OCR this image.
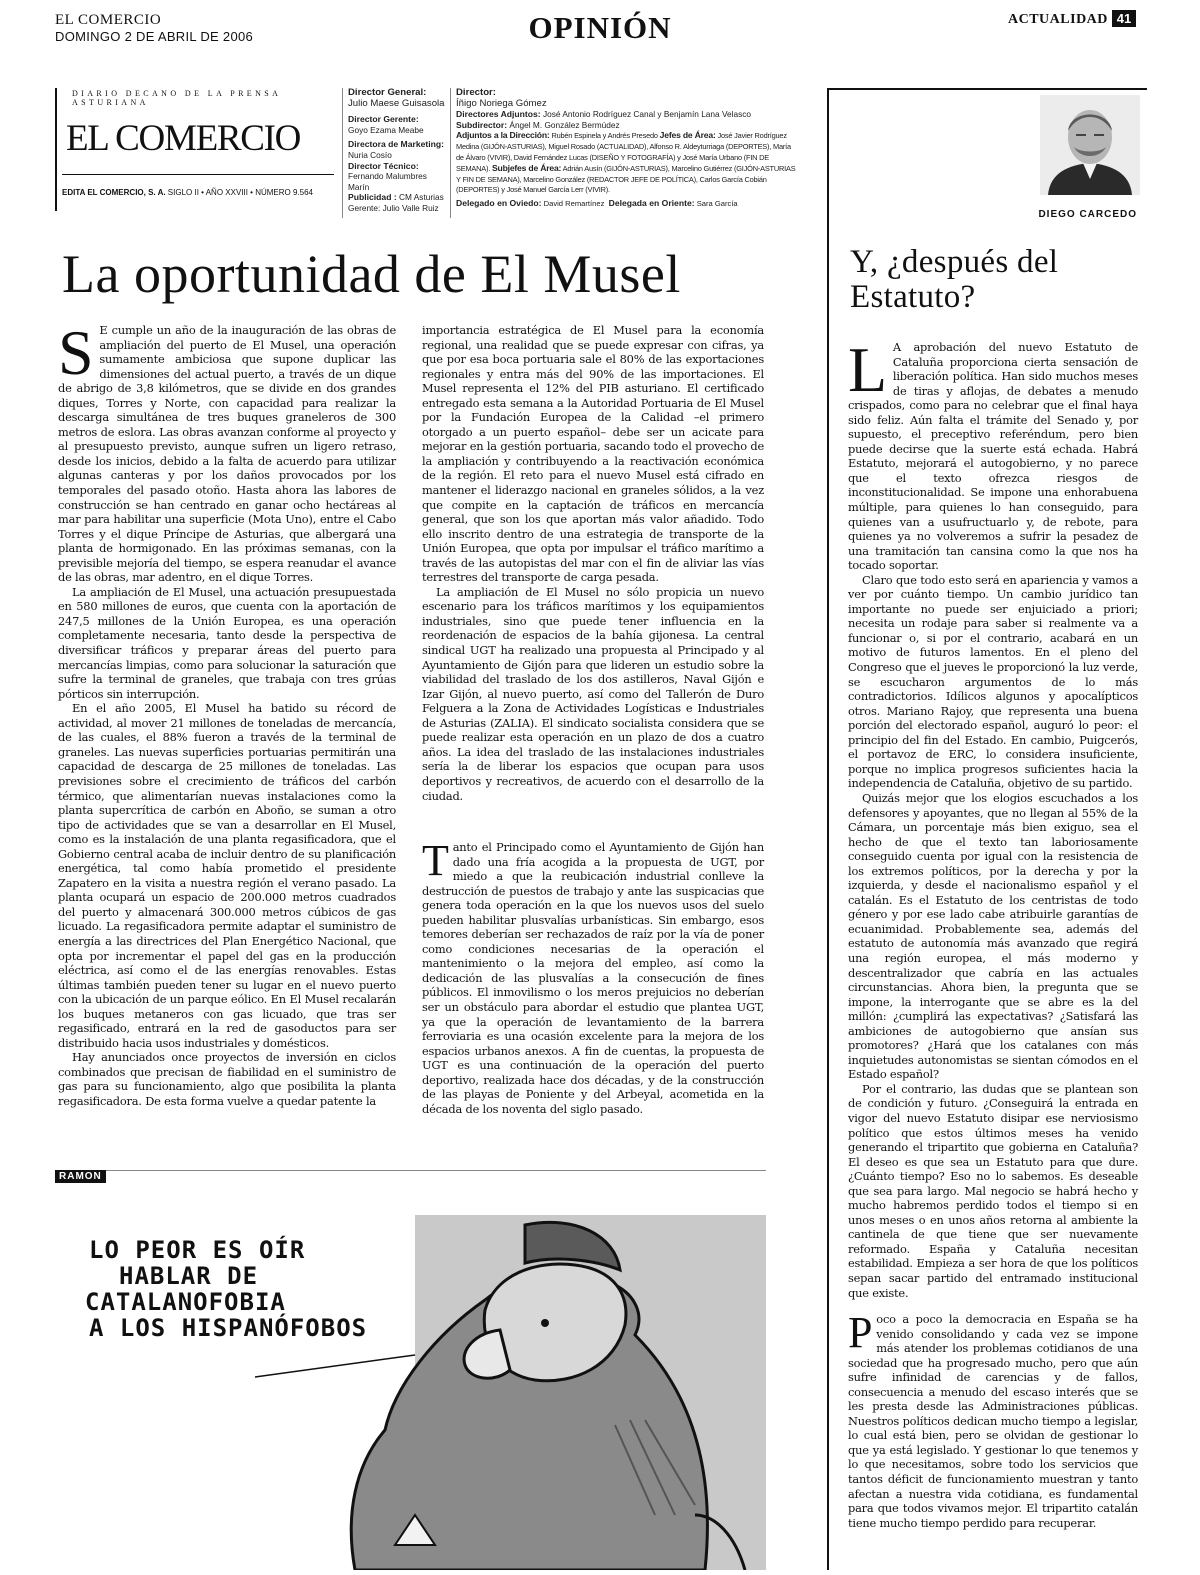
EL COMERCIO
DOMINGO 2 DE ABRIL DE 2006	OPINIÓN	ACTUALIDAD 41
DIARIO DECANO DE LA PRENSA ASTURIANA
EL COMERCIO
EDITA EL COMERCIO, S. A. SIGLO II • AÑO XXVIII • NÚMERO 9.564
Director General:
Julio Maese Guisasola
Director Gerente:
Goyo Ezama Meabe
Directora de Marketing:
Nuria Cosío
Director Técnico:
Fernando Malumbres Marín
Publicidad : CM Asturias
Gerente: Julio Valle Ruiz
Director:
Íñigo Noriega Gómez
Directores Adjuntos: José Antonio Rodríguez Canal y Benjamín Lana Velasco
Subdirector: Ángel M. González Bermúdez
Adjuntos a la Dirección: Rubén Espinela y Andrés Presedo Jefes de Área: José Javier Rodríguez Medina (GIJÓN-ASTURIAS), Miguel Rosado (ACTUALIDAD), Alfonso R. Aldeyturriaga (DEPORTES), María de Álvaro (VIVIR), David Fernández Lucas (DISEÑO Y FOTOGRAFÍA) y José María Urbano (FIN DE SEMANA). Subjefes de Área: Adrián Ausín (GIJÓN-ASTURIAS), Marcelino Gutiérrez (GIJÓN-ASTURIAS Y FIN DE SEMANA), Marcelino González (REDACTOR JEFE DE POLÍTICA), Carlos García Cobián (DEPORTES) y José Manuel García Lerr (VIVIR).
Delegado en Oviedo: David Remartínez Delegada en Oriente: Sara García
DIEGO CARCEDO
La oportunidad de El Musel

S E cumple un año de la inauguración de las obras de ampliación del puerto de El Musel, una operación sumamente ambiciosa que supone duplicar las dimensiones del actual puerto, a través de un dique de abrigo de 3,8 kilómetros, que se divide en dos grandes diques, Torres y Norte, con capacidad para realizar la descarga simultánea de tres buques graneleros de 300 metros de eslora. Las obras avanzan conforme al proyecto y al presupuesto previsto, aunque sufren un ligero retraso, desde los inicios, debido a la falta de acuerdo para utilizar algunas canteras y por los daños provocados por los temporales del pasado otoño. Hasta ahora las labores de construcción se han centrado en ganar ocho hectáreas al mar para habilitar una superficie (Mota Uno), entre el Cabo Torres y el dique Príncipe de Asturias, que albergará una planta de hormigonado. En las próximas semanas, con la previsible mejoría del tiempo, se espera reanudar el avance de las obras, mar adentro, en el dique Torres.

La ampliación de El Musel, una actuación presupuestada en 580 millones de euros, que cuenta con la aportación de 247,5 millones de la Unión Europea, es una operación completamente necesaria, tanto desde la perspectiva de diversificar tráficos y preparar áreas del puerto para mercancías limpias, como para solucionar la saturación que sufre la terminal de graneles, que trabaja con tres grúas pórticos sin interrupción.

En el año 2005, El Musel ha batido su récord de actividad, al mover 21 millones de toneladas de mercancía, de las cuales, el 88% fueron a través de la terminal de graneles. Las nuevas superficies portuarias permitirán una capacidad de descarga de 25 millones de toneladas. Las previsiones sobre el crecimiento de tráficos del carbón térmico, que alimentarían nuevas instalaciones como la planta supercrítica de carbón en Aboño, se suman a otro tipo de actividades que se van a desarrollar en El Musel, como es la instalación de una planta regasificadora, que el Gobierno central acaba de incluir dentro de su planificación energética, tal como había prometido el presidente Zapatero en la visita a nuestra región el verano pasado. La planta ocupará un espacio de 200.000 metros cuadrados del puerto y almacenará 300.000 metros cúbicos de gas licuado. La regasificadora permite adaptar el suministro de energía a las directrices del Plan Energético Nacional, que opta por incrementar el papel del gas en la producción eléctrica, así como el de las energías renovables. Estas últimas también pueden tener su lugar en el nuevo puerto con la ubicación de un parque eólico. En El Musel recalarán los buques metaneros con gas licuado, que tras ser regasificado, entrará en la red de gasoductos para ser distribuido hacia usos industriales y domésticos.

Hay anunciados once proyectos de inversión en ciclos combinados que precisan de fiabilidad en el suministro de gas para su funcionamiento, algo que posibilita la planta regasificadora. De esta forma vuelve a quedar patente la

importancia estratégica de El Musel para la economía regional, una realidad que se puede expresar con cifras, ya que por esa boca portuaria sale el 80% de las exportaciones regionales y entra más del 90% de las importaciones. El Musel representa el 12% del PIB asturiano. El certificado entregado esta semana a la Autoridad Portuaria de El Musel por la Fundación Europea de la Calidad –el primero otorgado a un puerto español– debe ser un acicate para mejorar en la gestión portuaria, sacando todo el provecho de la ampliación y contribuyendo a la reactivación económica de la región. El reto para el nuevo Musel está cifrado en mantener el liderazgo nacional en graneles sólidos, a la vez que compite en la captación de tráficos en mercancía general, que son los que aportan más valor añadido. Todo ello inscrito dentro de una estrategia de transporte de la Unión Europea, que opta por impulsar el tráfico marítimo a través de las autopistas del mar con el fin de aliviar las vías terrestres del transporte de carga pesada.

La ampliación de El Musel no sólo propicia un nuevo escenario para los tráficos marítimos y los equipamientos industriales, sino que puede tener influencia en la reordenación de espacios de la bahía gijonesa. La central sindical UGT ha realizado una propuesta al Principado y al Ayuntamiento de Gijón para que lideren un estudio sobre la viabilidad del traslado de los dos astilleros, Naval Gijón e Izar Gijón, al nuevo puerto, así como del Tallerón de Duro Felguera a la Zona de Actividades Logísticas e Industriales de Asturias (ZALIA). El sindicato socialista considera que se puede realizar esta operación en un plazo de dos a cuatro años. La idea del traslado de las instalaciones industriales sería la de liberar los espacios que ocupan para usos deportivos y recreativos, de acuerdo con el desarrollo de la ciudad.

Tanto el Principado como el Ayuntamiento de Gijón han dado una fría acogida a la propuesta de UGT, por miedo a que la reubicación industrial conlleve la destrucción de puestos de trabajo y ante las suspicacias que genera toda operación en la que los nuevos usos del suelo pueden habilitar plusvalías urbanísticas. Sin embargo, esos temores deberían ser rechazados de raíz por la vía de poner como condiciones necesarias de la operación el mantenimiento o la mejora del empleo, así como la dedicación de las plusvalías a la consecución de fines públicos. El inmovilismo o los meros prejuicios no deberían ser un obstáculo para abordar el estudio que plantea UGT, ya que la operación de levantamiento de la barrera ferroviaria es una ocasión excelente para la mejora de los espacios urbanos anexos. A fin de cuentas, la propuesta de UGT es una continuación de la operación del puerto deportivo, realizada hace dos décadas, y de la construcción de las playas de Poniente y del Arbeyal, acometida en la década de los noventa del siglo pasado.

RAMON
LO PEOR ES OÍR
HABLAR DE
CATALANOFOBIA
A LOS HISPANÓFOBOS
Y, ¿después del Estatuto?

L A aprobación del nuevo Estatuto de Cataluña proporciona cierta sensación de liberación política. Han sido muchos meses de tiras y aflojas, de debates a menudo crispados, como para no celebrar que el final haya sido feliz. Aún falta el trámite del Senado y, por supuesto, el preceptivo referéndum, pero bien puede decirse que la suerte está echada. Habrá Estatuto, mejorará el autogobierno, y no parece que el texto ofrezca riesgos de inconstitucionalidad. Se impone una enhorabuena múltiple, para quienes lo han conseguido, para quienes van a usufructuarlo y, de rebote, para quienes ya no volveremos a sufrir la pesadez de una tramitación tan cansina como la que nos ha tocado soportar.

Claro que todo esto será en apariencia y vamos a ver por cuánto tiempo. Un cambio jurídico tan importante no puede ser enjuiciado a priori; necesita un rodaje para saber si realmente va a funcionar o, si por el contrario, acabará en un motivo de futuros lamentos. En el pleno del Congreso que el jueves le proporcionó la luz verde, se escucharon argumentos de lo más contradictorios. Idílicos algunos y apocalípticos otros. Mariano Rajoy, que representa una buena porción del electorado español, auguró lo peor: el principio del fin del Estado. En cambio, Puigcerós, el portavoz de ERC, lo considera insuficiente, porque no implica progresos suficientes hacia la independencia de Cataluña, objetivo de su partido.

Quizás mejor que los elogios escuchados a los defensores y apoyantes, que no llegan al 55% de la Cámara, un porcentaje más bien exiguo, sea el hecho de que el texto tan laboriosamente conseguido cuenta por igual con la resistencia de los extremos políticos, por la derecha y por la izquierda, y desde el nacionalismo español y el catalán. Es el Estatuto de los centristas de todo género y por ese lado cabe atribuirle garantías de ecuanimidad. Probablemente sea, además del estatuto de autonomía más avanzado que regirá una región europea, el más moderno y descentralizador que cabría en las actuales circunstancias. Ahora bien, la pregunta que se impone, la interrogante que se abre es la del millón: ¿cumplirá las expectativas? ¿Satisfará las ambiciones de autogobierno que ansían sus promotores? ¿Hará que los catalanes con más inquietudes autonomistas se sientan cómodos en el Estado español?

Por el contrario, las dudas que se plantean son de condición y futuro. ¿Conseguirá la entrada en vigor del nuevo Estatuto disipar ese nerviosismo político que estos últimos meses ha venido generando el tripartito que gobierna en Cataluña? El deseo es que sea un Estatuto para que dure. ¿Cuánto tiempo? Eso no lo sabemos. Es deseable que sea para largo. Mal negocio se habrá hecho y mucho habremos perdido todos el tiempo si en unos meses o en unos años retorna al ambiente la cantinela de que tiene que ser nuevamente reformado. España y Cataluña necesitan estabilidad. Empieza a ser hora de que los políticos sepan sacar partido del entramado institucional que existe.

Poco a poco la democracia en España se ha venido consolidando y cada vez se impone más atender los problemas cotidianos de una sociedad que ha progresado mucho, pero que aún sufre infinidad de carencias y de fallos, consecuencia a menudo del escaso interés que se les presta desde las Administraciones públicas. Nuestros políticos dedican mucho tiempo a legislar, lo cual está bien, pero se olvidan de gestionar lo que ya está legislado. Y gestionar lo que tenemos y lo que necesitamos, sobre todo los servicios que tantos déficit de funcionamiento muestran y tanto afectan a nuestra vida cotidiana, es fundamental para que todos vivamos mejor. El tripartito catalán tiene mucho tiempo perdido para recuperar.
